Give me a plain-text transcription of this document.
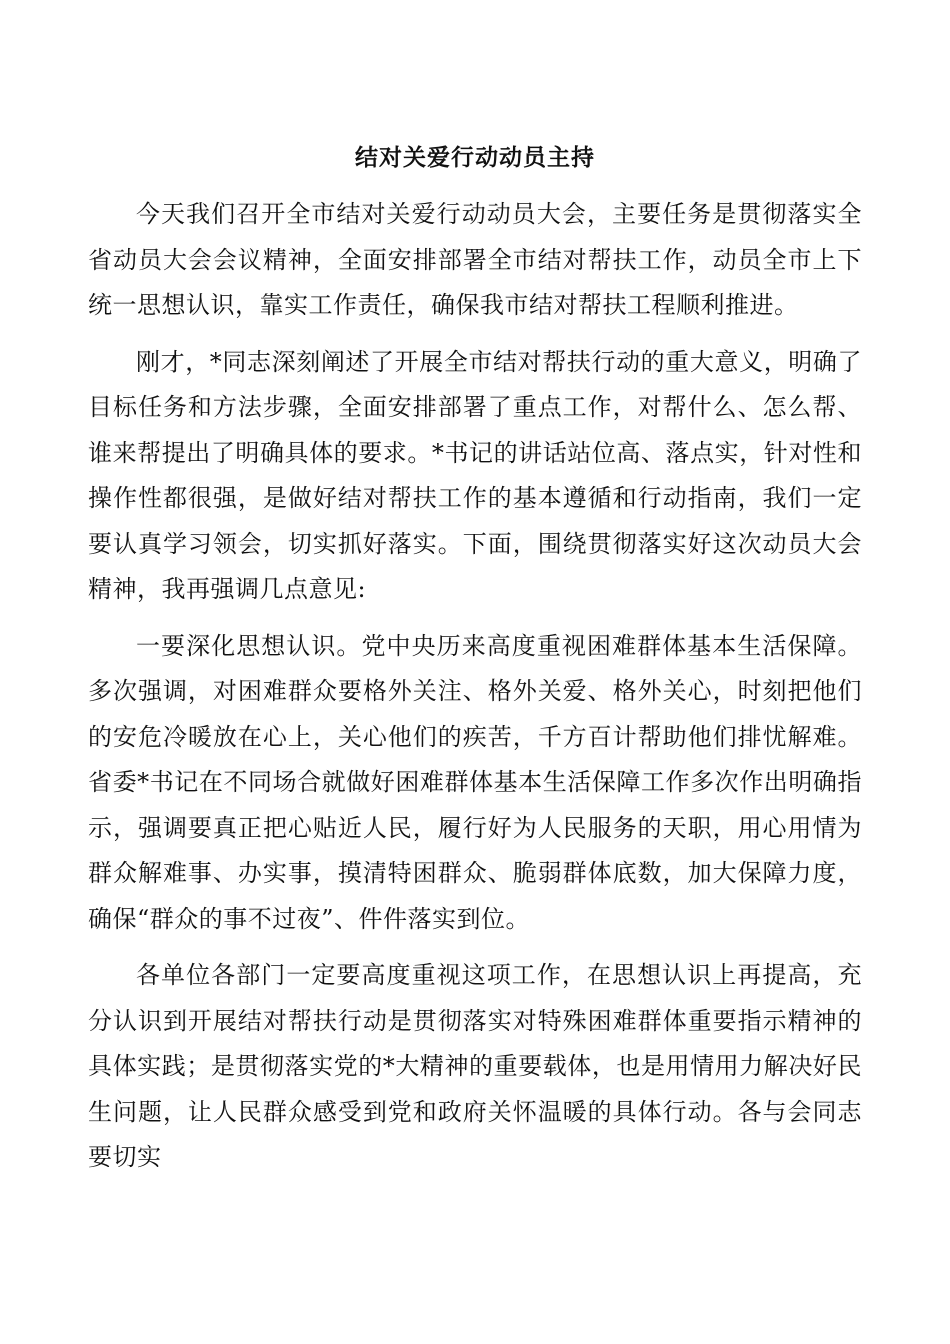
结对关爱行动动员主持

今天我们召开全市结对关爱行动动员大会，主要任务是贯彻落实全省动员大会会议精神，全面安排部署全市结对帮扶工作，动员全市上下统一思想认识，靠实工作责任，确保我市结对帮扶工程顺利推进。

刚才，*同志深刻阐述了开展全市结对帮扶行动的重大意义，明确了目标任务和方法步骤，全面安排部署了重点工作，对帮什么、怎么帮、谁来帮提出了明确具体的要求。*书记的讲话站位高、落点实，针对性和操作性都很强，是做好结对帮扶工作的基本遵循和行动指南，我们一定要认真学习领会，切实抓好落实。下面，围绕贯彻落实好这次动员大会精神，我再强调几点意见:

一要深化思想认识。党中央历来高度重视困难群体基本生活保障。多次强调，对困难群众要格外关注、格外关爱、格外关心，时刻把他们的安危冷暖放在心上，关心他们的疾苦，千方百计帮助他们排忧解难。省委*书记在不同场合就做好困难群体基本生活保障工作多次作出明确指示，强调要真正把心贴近人民，履行好为人民服务的天职，用心用情为群众解难事、办实事，摸清特困群众、脆弱群体底数，加大保障力度，确保“群众的事不过夜”、件件落实到位。

各单位各部门一定要高度重视这项工作，在思想认识上再提高，充分认识到开展结对帮扶行动是贯彻落实对特殊困难群体重要指示精神的具体实践；是贯彻落实党的*大精神的重要载体，也是用情用力解决好民生问题，让人民群众感受到党和政府关怀温暖的具体行动。各与会同志要切实
